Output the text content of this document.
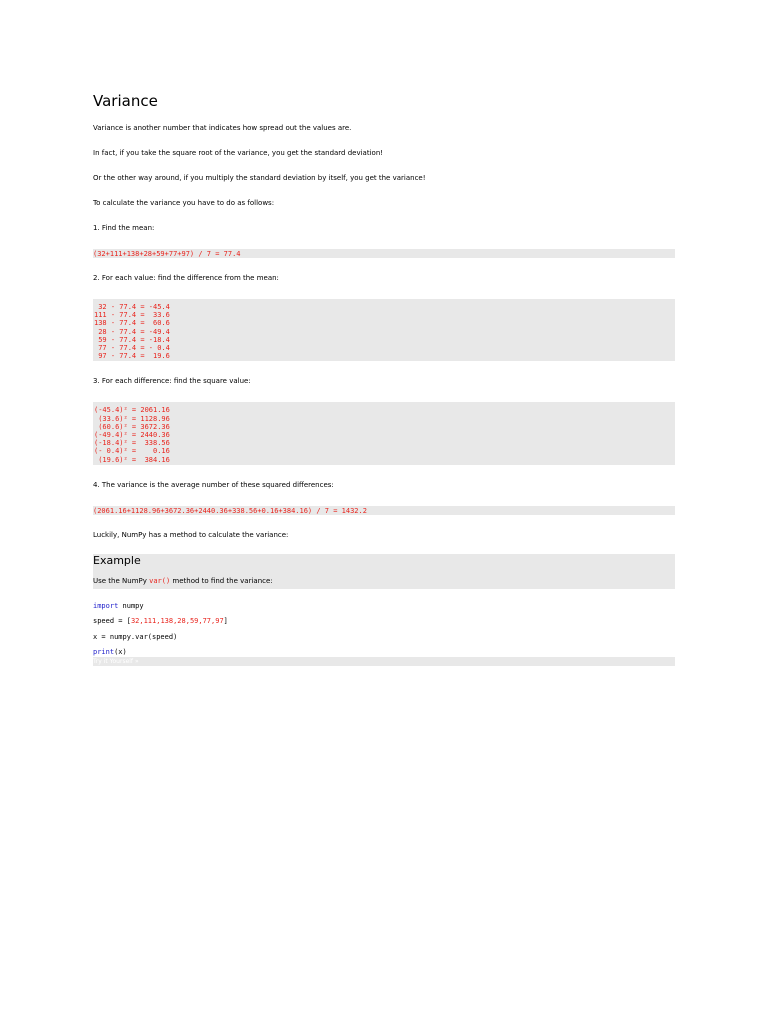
Variance

Variance is another number that indicates how spread out the values are.

In fact, if you take the square root of the variance, you get the standard deviation!

Or the other way around, if you multiply the standard deviation by itself, you get the variance!

To calculate the variance you have to do as follows:

1. Find the mean:

(32+111+138+28+59+77+97) / 7 = 77.4

2. For each value: find the difference from the mean:

32 - 77.4 = -45.4
111 - 77.4 =  33.6
138 - 77.4 =  60.6
28 - 77.4 = -49.4
59 - 77.4 = -18.4
77 - 77.4 = - 0.4
97 - 77.4 =  19.6

3. For each difference: find the square value:

(-45.4)² = 2061.16
(33.6)² = 1128.96
(60.6)² = 3672.36
(-49.4)² = 2440.36
(-18.4)² =  338.56
(- 0.4)² =    0.16
(19.6)² =  384.16

4. The variance is the average number of these squared differences:

(2061.16+1128.96+3672.36+2440.36+338.56+0.16+384.16) / 7 = 1432.2

Luckily, NumPy has a method to calculate the variance:

Example
Use the NumPy var() method to find the variance:
import numpy
speed = [32,111,138,28,59,77,97]
x = numpy.var(speed)
print(x)
Try it Yourself »
